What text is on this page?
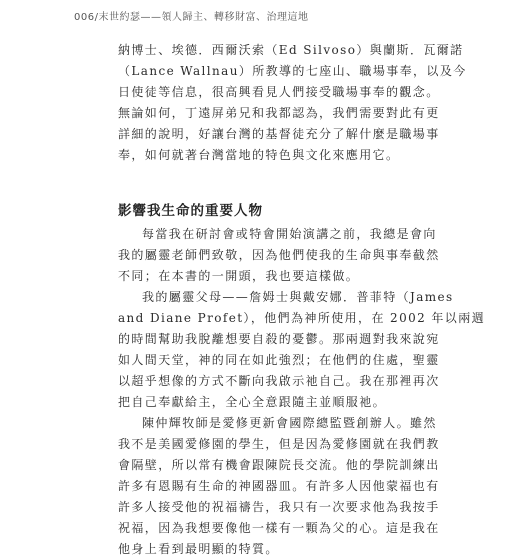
006/末世約瑟——領人歸主、轉移財富、治理這地
納博士、埃德．西爾沃索（Ed Silvoso）與蘭斯．瓦爾諾
（Lance Wallnau）所教導的七座山、職場事奉，以及今
日使徒等信息，很高興看見人們接受職場事奉的觀念。
無論如何，丁遠屏弟兄和我都認為，我們需要對此有更
詳細的說明，好讓台灣的基督徒充分了解什麼是職場事
奉，如何就著台灣當地的特色與文化來應用它。
影響我生命的重要人物
每當我在研討會或特會開始演講之前，我總是會向
我的屬靈老師們致敬，因為他們使我的生命與事奉截然
不同；在本書的一開頭，我也要這樣做。
我的屬靈父母——詹姆士與戴安娜．普菲特（James
and Diane Profet），他們為神所使用，在 2002 年以兩週
的時間幫助我脫離想要自殺的憂鬱。那兩週對我來說宛
如人間天堂，神的同在如此強烈；在他們的住處，聖靈
以超乎想像的方式不斷向我啟示祂自己。我在那裡再次
把自己奉獻給主，全心全意跟隨主並順服祂。
陳仲輝牧師是愛修更新會國際總監暨創辦人。雖然
我不是美國愛修園的學生，但是因為愛修園就在我們教
會隔壁，所以常有機會跟陳院長交流。他的學院訓練出
許多有恩賜有生命的神國器皿。有許多人因他蒙福也有
許多人接受他的祝福禱告，我只有一次要求他為我按手
祝福，因為我想要像他一樣有一顆為父的心。這是我在
他身上看到最明顯的特質。
